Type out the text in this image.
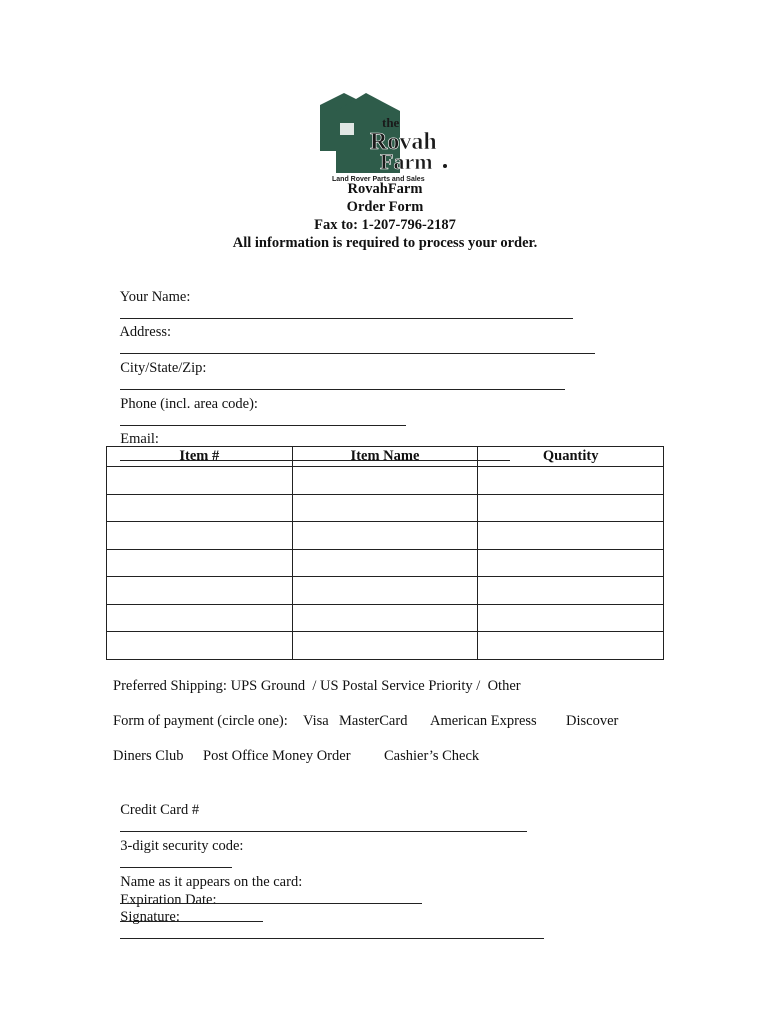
the
Rovah
Farm
Land Rover Parts and Sales
RovahFarm
Order Form
Fax to: 1-207-796-2187
All information is required to process your order.

Your Name:

Address:

City/State/Zip:

Phone (incl. area code):

Email:

Item #	Item Name	Quantity

Preferred Shipping: UPS Ground  / US Postal Service Priority /  Other
Form of payment (circle one): Visa MasterCard American Express Discover
Diners Club Post Office Money Order Cashier’s Check

Credit Card #

3-digit security code:

Expiration Date:

Name as it appears on the card:

Signature:
